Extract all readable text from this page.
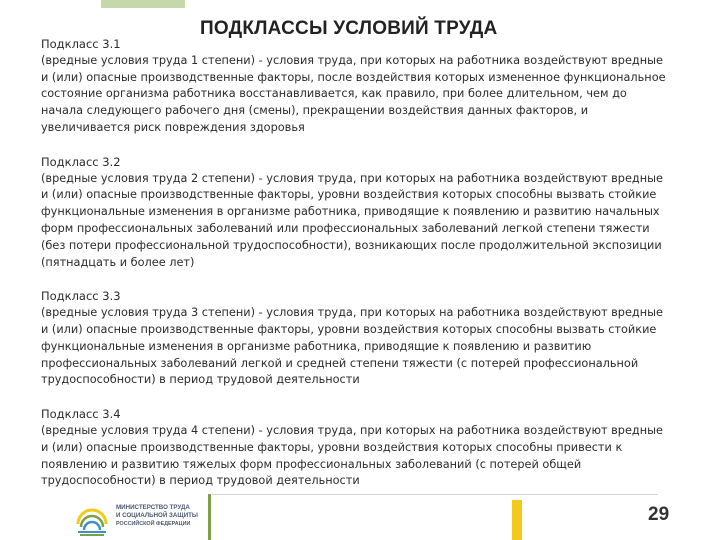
ПОДКЛАССЫ УСЛОВИЙ ТРУДА
Подкласс 3.1
(вредные условия труда 1 степени) - условия труда, при которых на работника воздействуют вредные и (или) опасные производственные факторы, после воздействия которых измененное функциональное состояние организма работника восстанавливается, как правило, при более длительном, чем до начала следующего рабочего дня (смены), прекращении воздействия данных факторов, и увеличивается риск повреждения здоровья
Подкласс 3.2
(вредные условия труда 2 степени) - условия труда, при которых на работника воздействуют вредные и (или) опасные производственные факторы, уровни воздействия которых способны вызвать стойкие функциональные изменения в организме работника, приводящие к появлению и развитию начальных форм профессиональных заболеваний или профессиональных заболеваний легкой степени тяжести (без потери профессиональной трудоспособности), возникающих после продолжительной экспозиции (пятнадцать и более лет)
Подкласс 3.3
(вредные условия труда 3 степени) - условия труда, при которых на работника воздействуют вредные и (или) опасные производственные факторы, уровни воздействия которых способны вызвать стойкие функциональные изменения в организме работника, приводящие к появлению и развитию профессиональных заболеваний легкой и средней степени тяжести (с потерей профессиональной трудоспособности) в период трудовой деятельности
Подкласс 3.4
(вредные условия труда 4 степени) - условия труда, при которых на работника воздействуют вредные и (или) опасные производственные факторы, уровни воздействия которых способны привести к появлению и развитию тяжелых форм профессиональных заболеваний (с потерей общей трудоспособности) в период трудовой деятельности
МИНИСТЕРСТВО ТРУДА
И СОЦИАЛЬНОЙ ЗАЩИТЫ
РОССИЙСКОЙ ФЕДЕРАЦИИ	29
